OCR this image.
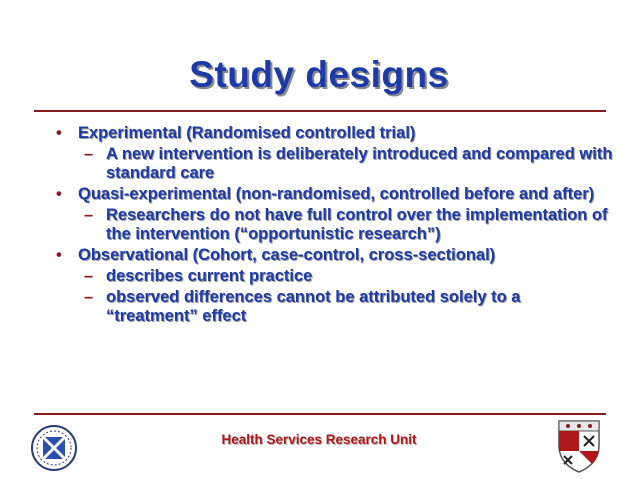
Study designs
• Experimental (Randomised controlled trial)
– A new intervention is deliberately introduced and compared with standard care
• Quasi-experimental (non-randomised, controlled before and after)
– Researchers do not have full control over the implementation of the intervention (“opportunistic research”)
• Observational (Cohort, case-control, cross-sectional)
– describes current practice
– observed differences cannot be attributed solely to a “treatment” effect
Health Services Research Unit
